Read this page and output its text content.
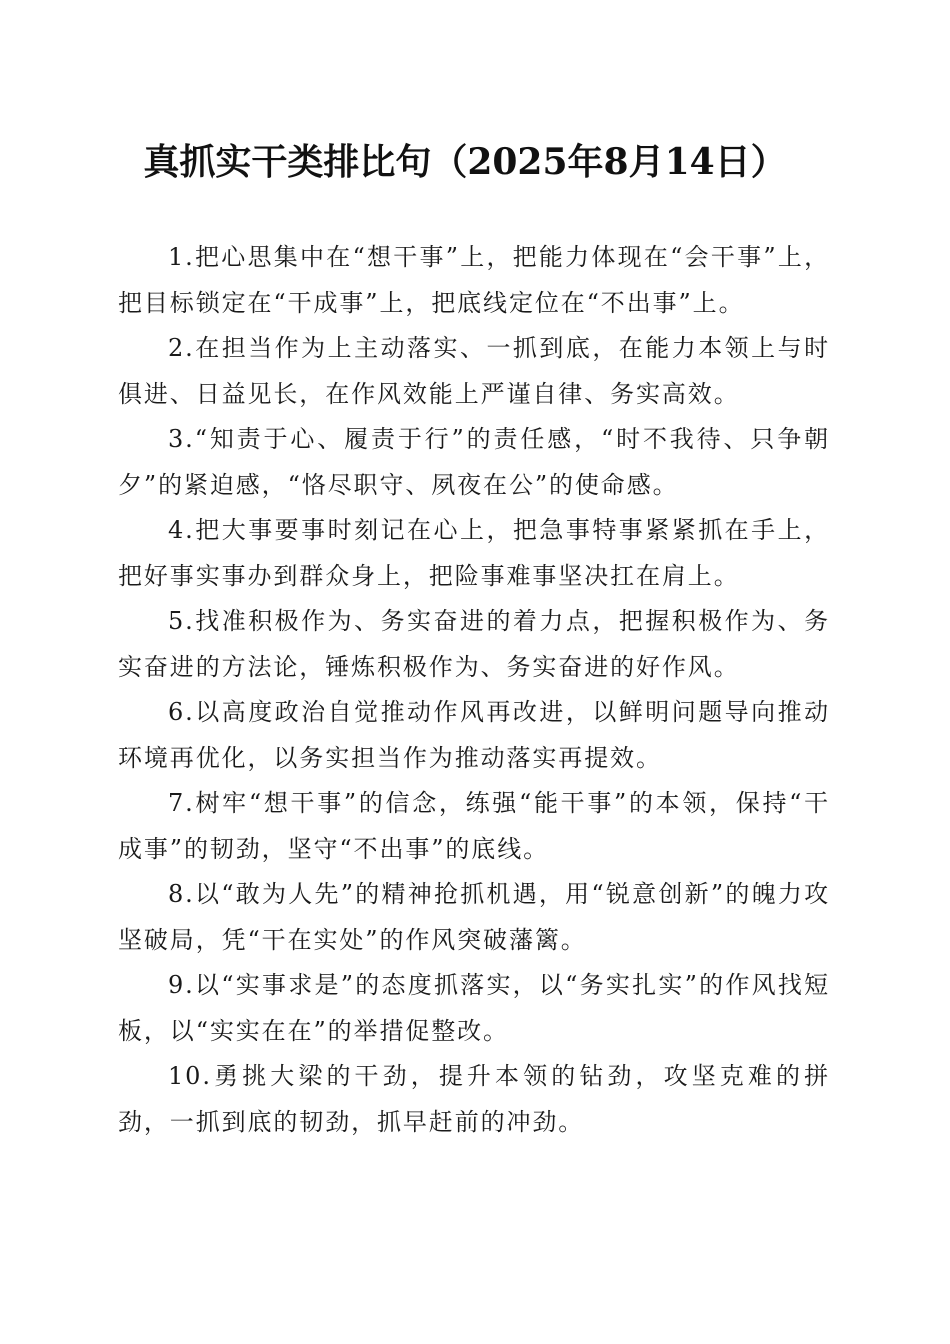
真抓实干类排比句（2025年8月14日）

1.把心思集中在“想干事”上，把能力体现在“会干事”上，把目标锁定在“干成事”上，把底线定位在“不出事”上。

2.在担当作为上主动落实、一抓到底，在能力本领上与时俱进、日益见长，在作风效能上严谨自律、务实高效。

3.“知责于心、履责于行”的责任感，“时不我待、只争朝夕”的紧迫感，“恪尽职守、夙夜在公”的使命感。

4.把大事要事时刻记在心上，把急事特事紧紧抓在手上，把好事实事办到群众身上，把险事难事坚决扛在肩上。

5.找准积极作为、务实奋进的着力点，把握积极作为、务实奋进的方法论，锤炼积极作为、务实奋进的好作风。

6.以高度政治自觉推动作风再改进，以鲜明问题导向推动环境再优化，以务实担当作为推动落实再提效。

7.树牢“想干事”的信念，练强“能干事”的本领，保持“干成事”的韧劲，坚守“不出事”的底线。

8.以“敢为人先”的精神抢抓机遇，用“锐意创新”的魄力攻坚破局，凭“干在实处”的作风突破藩篱。

9.以“实事求是”的态度抓落实，以“务实扎实”的作风找短板，以“实实在在”的举措促整改。

10.勇挑大梁的干劲，提升本领的钻劲，攻坚克难的拼劲，一抓到底的韧劲，抓早赶前的冲劲。
